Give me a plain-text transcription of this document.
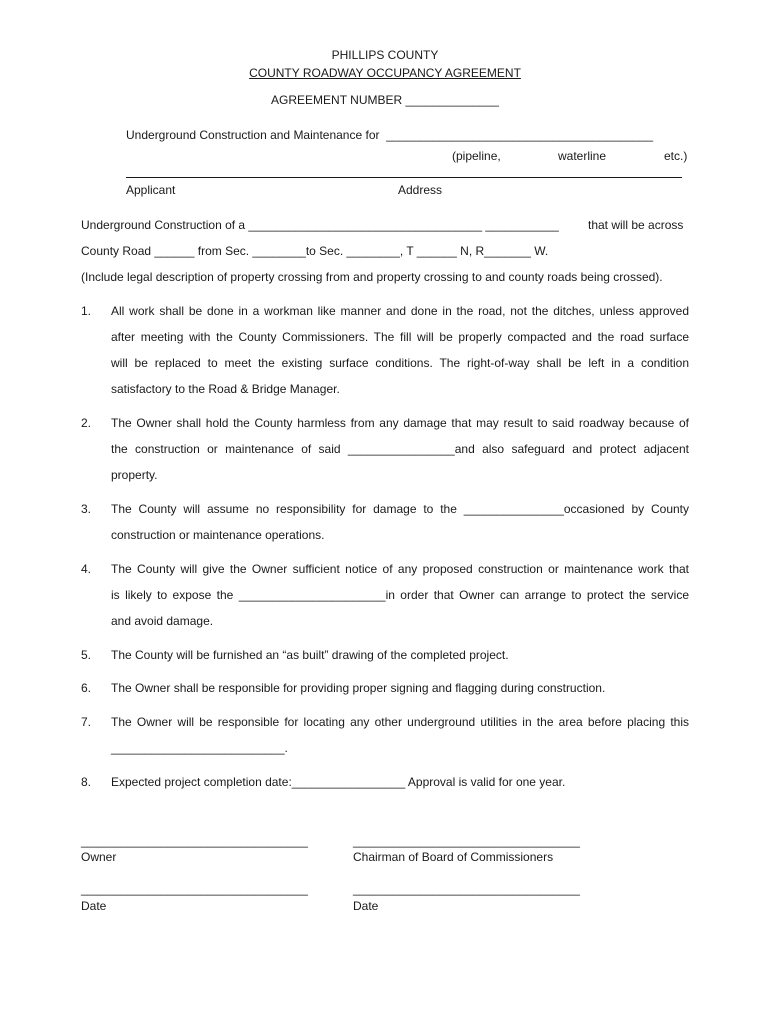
PHILLIPS COUNTY
COUNTY ROADWAY OCCUPANCY AGREEMENT
AGREEMENT NUMBER ______________
Underground Construction and Maintenance for  ________________________________________
(pipeline,	waterline	etc.)
Applicant	Address
Underground Construction of a ___________________________________ ___________ that will be across
County Road ______ from Sec. ________to Sec. ________, T ______ N, R_______ W.
(Include legal description of property crossing from and property crossing to and county roads being crossed).
1. All work shall be done in a workman like manner and done in the road, not the ditches, unless approved
after meeting with the County Commissioners. The fill will be properly compacted and the road surface
will be replaced to meet the existing surface conditions. The right-of-way shall be left in a condition
satisfactory to the Road & Bridge Manager.
2. The Owner shall hold the County harmless from any damage that may result to said roadway because of
the construction or maintenance of said ________________and also safeguard and protect adjacent
property.
3. The County will assume no responsibility for damage to the _______________occasioned by County
construction or maintenance operations.
4. The County will give the Owner sufficient notice of any proposed construction or maintenance work that
is likely to expose the ______________________in order that Owner can arrange to protect the service
and avoid damage.
5. The County will be furnished an “as built” drawing of the completed project.
6. The Owner shall be responsible for providing proper signing and flagging during construction.
7. The Owner will be responsible for locating any other underground utilities in the area before placing this
__________________________.
8. Expected project completion date:_________________ Approval is valid for one year.
__________________________________	__________________________________
Owner	Chairman of Board of Commissioners
__________________________________	__________________________________
Date	Date
